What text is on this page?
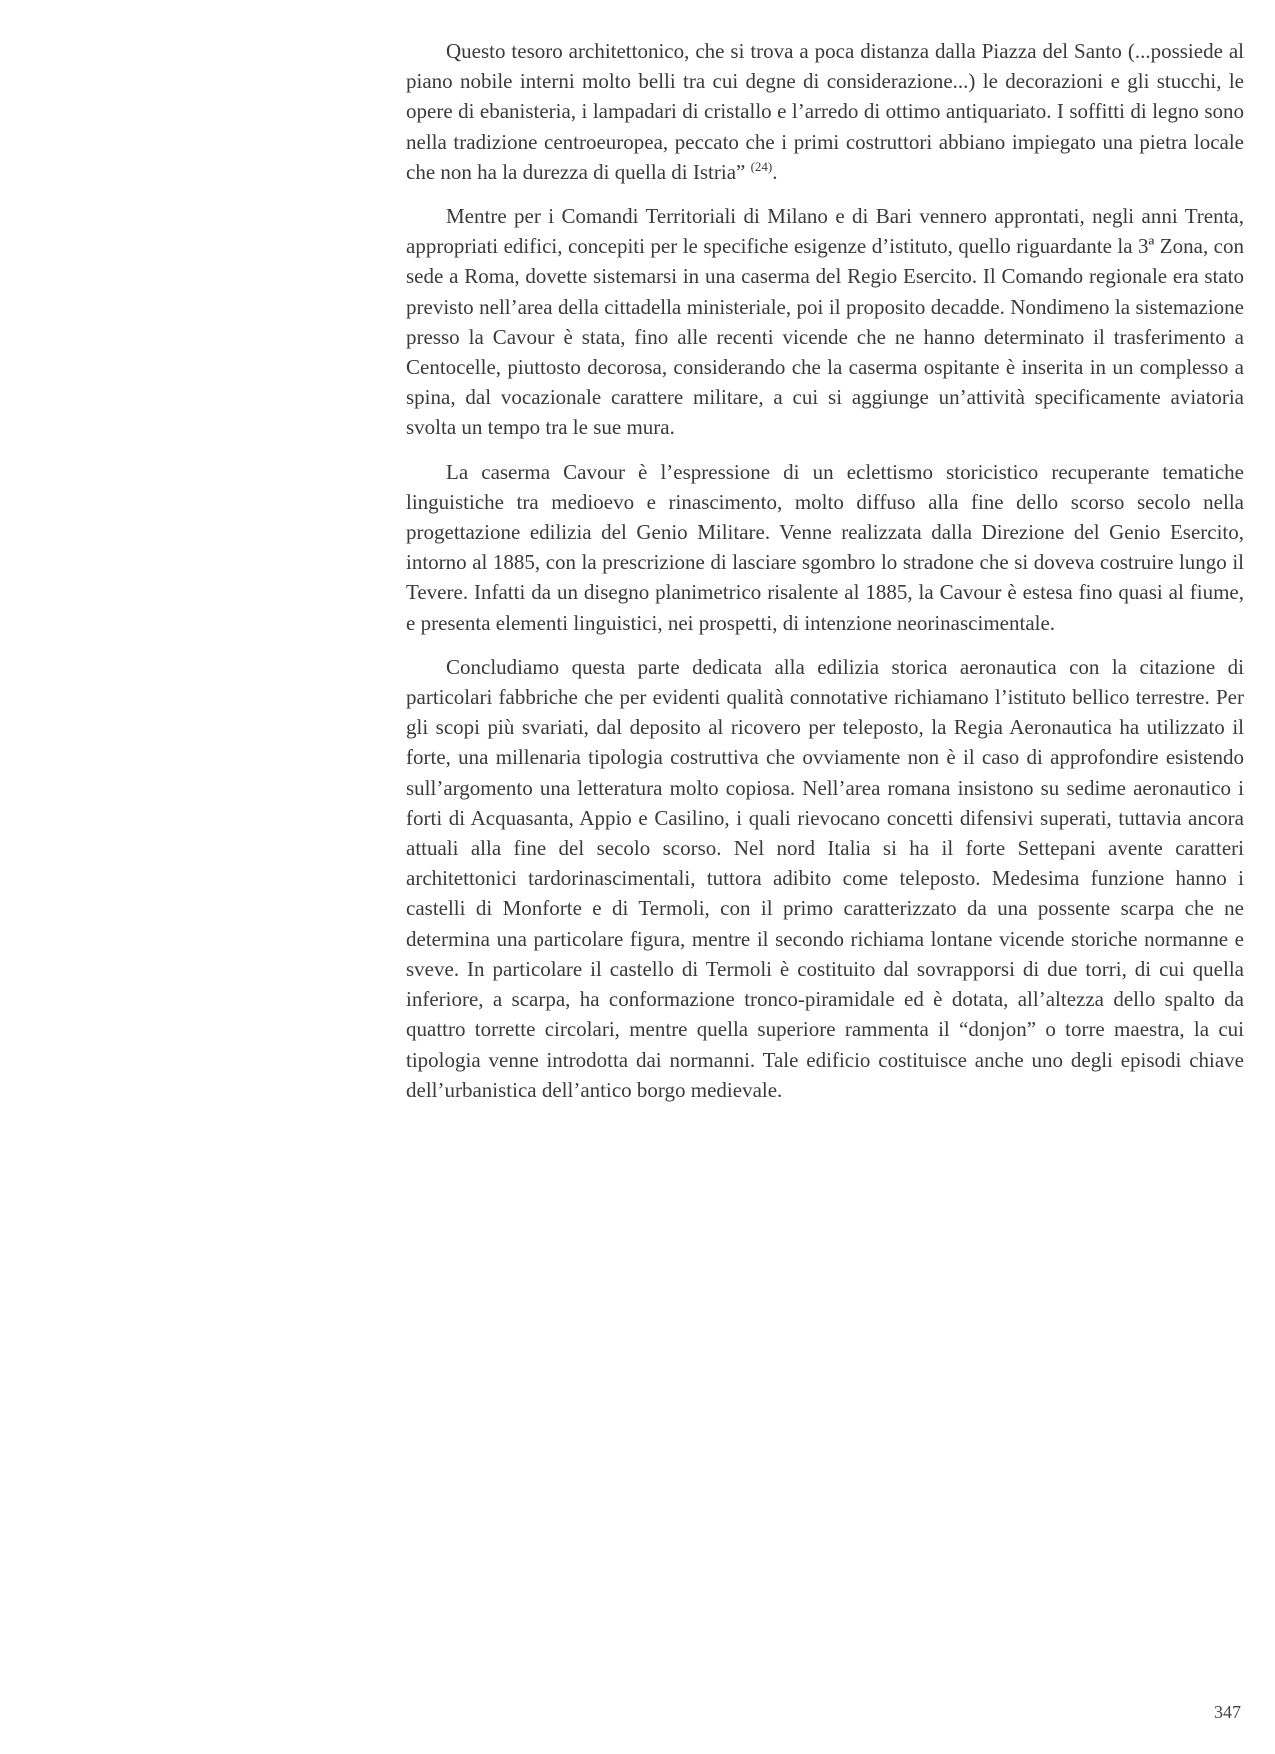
Questo tesoro architettonico, che si trova a poca distanza dalla Piazza del Santo (...possiede al piano nobile interni molto belli tra cui degne di considerazione...) le decorazioni e gli stucchi, le opere di ebanisteria, i lampadari di cristallo e l’arredo di ottimo antiquariato. I soffitti di legno sono nella tradizione centroeuropea, peccato che i primi costruttori abbiano impiegato una pietra locale che non ha la durezza di quella di Istria” $^{(24)}$.

Mentre per i Comandi Territoriali di Milano e di Bari vennero approntati, negli anni Trenta, appropriati edifici, concepiti per le specifiche esigenze d’istituto, quello riguardante la 3ª Zona, con sede a Roma, dovette sistemarsi in una caserma del Regio Esercito. Il Comando regionale era stato previsto nell’area della cittadella ministeriale, poi il proposito decadde. Nondimeno la sistemazione presso la Cavour è stata, fino alle recenti vicende che ne hanno determinato il trasferimento a Centocelle, piuttosto decorosa, considerando che la caserma ospitante è inserita in un complesso a spina, dal vocazionale carattere militare, a cui si aggiunge un’attività specificamente aviatoria svolta un tempo tra le sue mura.

La caserma Cavour è l’espressione di un eclettismo storicistico recuperante tematiche linguistiche tra medioevo e rinascimento, molto diffuso alla fine dello scorso secolo nella progettazione edilizia del Genio Militare. Venne realizzata dalla Direzione del Genio Esercito, intorno al 1885, con la prescrizione di lasciare sgombro lo stradone che si doveva costruire lungo il Tevere. Infatti da un disegno planimetrico risalente al 1885, la Cavour è estesa fino quasi al fiume, e presenta elementi linguistici, nei prospetti, di intenzione neorinascimentale.

Concludiamo questa parte dedicata alla edilizia storica aeronautica con la citazione di particolari fabbriche che per evidenti qualità connotative richiamano l’istituto bellico terrestre. Per gli scopi più svariati, dal deposito al ricovero per teleposto, la Regia Aeronautica ha utilizzato il forte, una millenaria tipologia costruttiva che ovviamente non è il caso di approfondire esistendo sull’argomento una letteratura molto copiosa. Nell’area romana insistono su sedime aeronautico i forti di Acquasanta, Appio e Casilino, i quali rievocano concetti difensivi superati, tuttavia ancora attuali alla fine del secolo scorso. Nel nord Italia si ha il forte Settepani avente caratteri architettonici tardorinascimentali, tuttora adibito come teleposto. Medesima funzione hanno i castelli di Monforte e di Termoli, con il primo caratterizzato da una possente scarpa che ne determina una particolare figura, mentre il secondo richiama lontane vicende storiche normanne e sveve. In particolare il castello di Termoli è costituito dal sovrapporsi di due torri, di cui quella inferiore, a scarpa, ha conformazione tronco-piramidale ed è dotata, all’altezza dello spalto da quattro torrette circolari, mentre quella superiore rammenta il “donjon” o torre maestra, la cui tipologia venne introdotta dai normanni. Tale edificio costituisce anche uno degli episodi chiave dell’urbanistica dell’antico borgo medievale.

347
